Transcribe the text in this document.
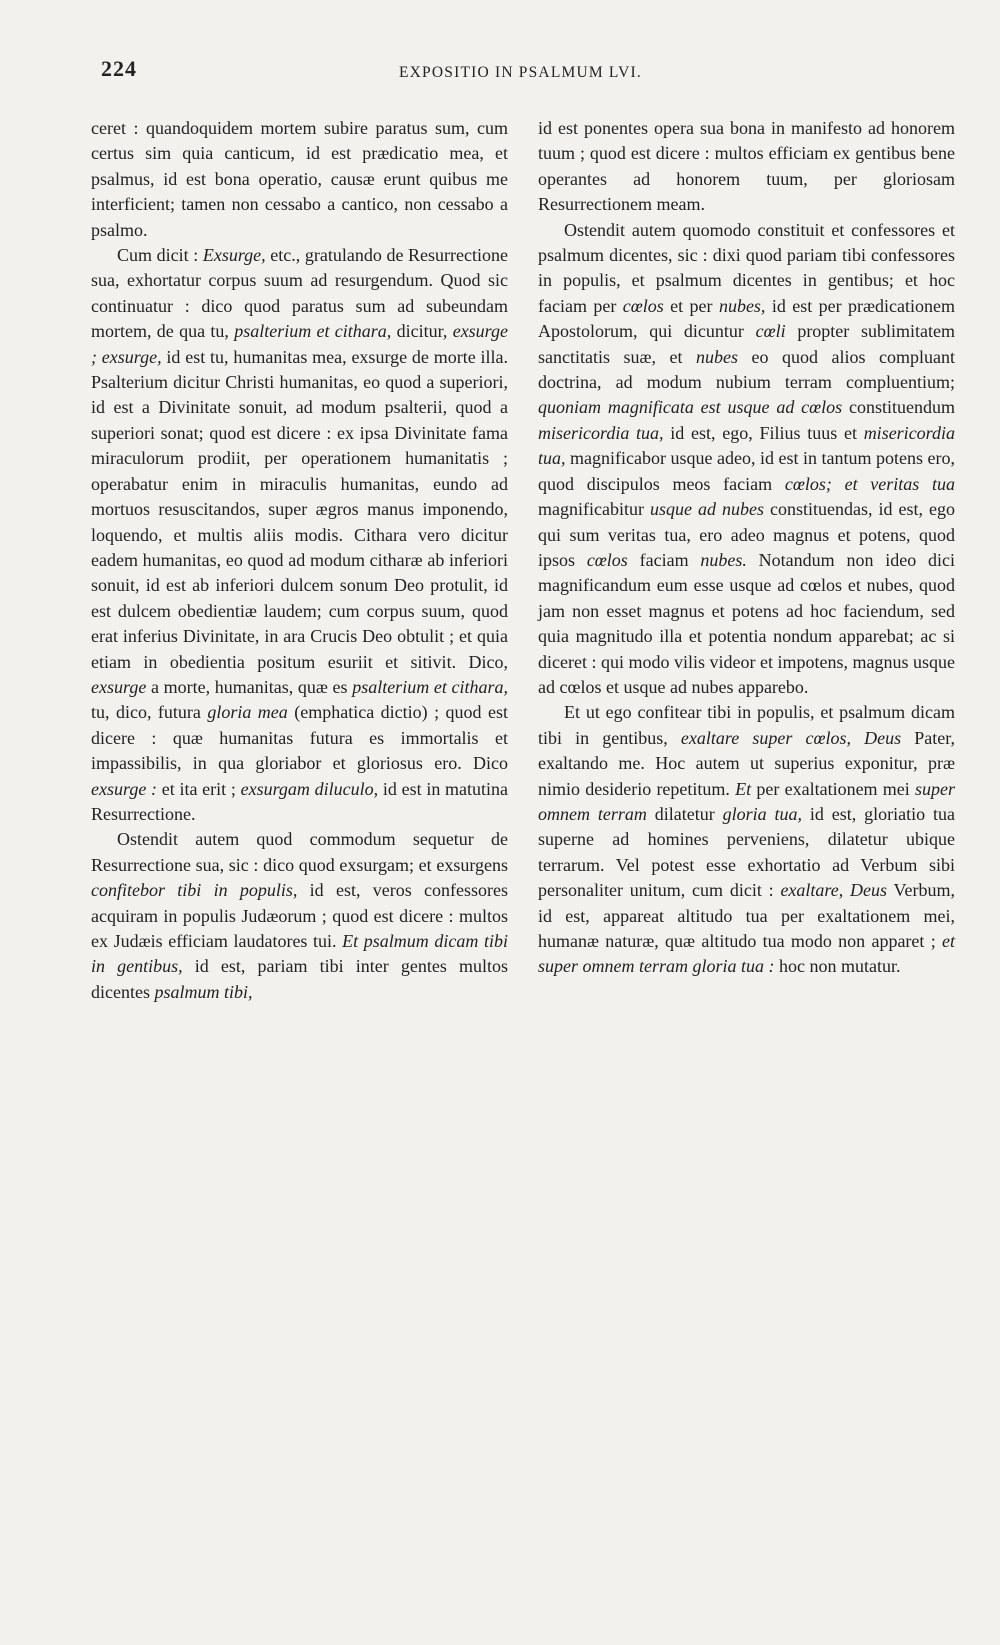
224	EXPOSITIO IN PSALMUM LVI.

ceret : quandoquidem mortem subire paratus sum, cum certus sim quia canticum, id est prædicatio mea, et psalmus, id est bona operatio, causæ erunt quibus me interficient; tamen non cessabo a cantico, non cessabo a psalmo.

Cum dicit : Exsurge, etc., gratulando de Resurrectione sua, exhortatur corpus suum ad resurgendum. Quod sic continuatur : dico quod paratus sum ad subeundam mortem, de qua tu, psalterium et cithara, dicitur, exsurge ; exsurge, id est tu, humanitas mea, exsurge de morte illa. Psalterium dicitur Christi humanitas, eo quod a superiori, id est a Divinitate sonuit, ad modum psalterii, quod a superiori sonat; quod est dicere : ex ipsa Divinitate fama miraculorum prodiit, per operationem humanitatis ; operabatur enim in miraculis humanitas, eundo ad mortuos resuscitandos, super ægros manus imponendo, loquendo, et multis aliis modis. Cithara vero dicitur eadem humanitas, eo quod ad modum citharæ ab inferiori sonuit, id est ab inferiori dulcem sonum Deo protulit, id est dulcem obedientiæ laudem; cum corpus suum, quod erat inferius Divinitate, in ara Crucis Deo obtulit ; et quia etiam in obedientia positum esuriit et sitivit. Dico, exsurge a morte, humanitas, quæ es psalterium et cithara, tu, dico, futura gloria mea (emphatica dictio) ; quod est dicere : quæ humanitas futura es immortalis et impassibilis, in qua gloriabor et gloriosus ero. Dico exsurge : et ita erit ; exsurgam diluculo, id est in matutina Resurrectione.

Ostendit autem quod commodum sequetur de Resurrectione sua, sic : dico quod exsurgam; et exsurgens confitebor tibi in populis, id est, veros confessores acquiram in populis Judæorum ; quod est dicere : multos ex Judæis efficiam laudatores tui. Et psalmum dicam tibi in gentibus, id est, pariam tibi inter gentes multos dicentes psalmum tibi,

id est ponentes opera sua bona in manifesto ad honorem tuum ; quod est dicere : multos efficiam ex gentibus bene operantes ad honorem tuum, per gloriosam Resurrectionem meam.

Ostendit autem quomodo constituit et confessores et psalmum dicentes, sic : dixi quod pariam tibi confessores in populis, et psalmum dicentes in gentibus; et hoc faciam per cœlos et per nubes, id est per prædicationem Apostolorum, qui dicuntur cœli propter sublimitatem sanctitatis suæ, et nubes eo quod alios compluant doctrina, ad modum nubium terram compluentium; quoniam magnificata est usque ad cœlos constituendum misericordia tua, id est, ego, Filius tuus et misericordia tua, magnificabor usque adeo, id est in tantum potens ero, quod discipulos meos faciam cœlos; et veritas tua magnificabitur usque ad nubes constituendas, id est, ego qui sum veritas tua, ero adeo magnus et potens, quod ipsos cœlos faciam nubes. Notandum non ideo dici magnificandum eum esse usque ad cœlos et nubes, quod jam non esset magnus et potens ad hoc faciendum, sed quia magnitudo illa et potentia nondum apparebat; ac si diceret : qui modo vilis videor et impotens, magnus usque ad cœlos et usque ad nubes apparebo.

Et ut ego confitear tibi in populis, et psalmum dicam tibi in gentibus, exaltare super cœlos, Deus Pater, exaltando me. Hoc autem ut superius exponitur, præ nimio desiderio repetitum. Et per exaltationem mei super omnem terram dilatetur gloria tua, id est, gloriatio tua superne ad homines perveniens, dilatetur ubique terrarum. Vel potest esse exhortatio ad Verbum sibi personaliter unitum, cum dicit : exaltare, Deus Verbum, id est, appareat altitudo tua per exaltationem mei, humanæ naturæ, quæ altitudo tua modo non apparet ; et super omnem terram gloria tua : hoc non mutatur.
